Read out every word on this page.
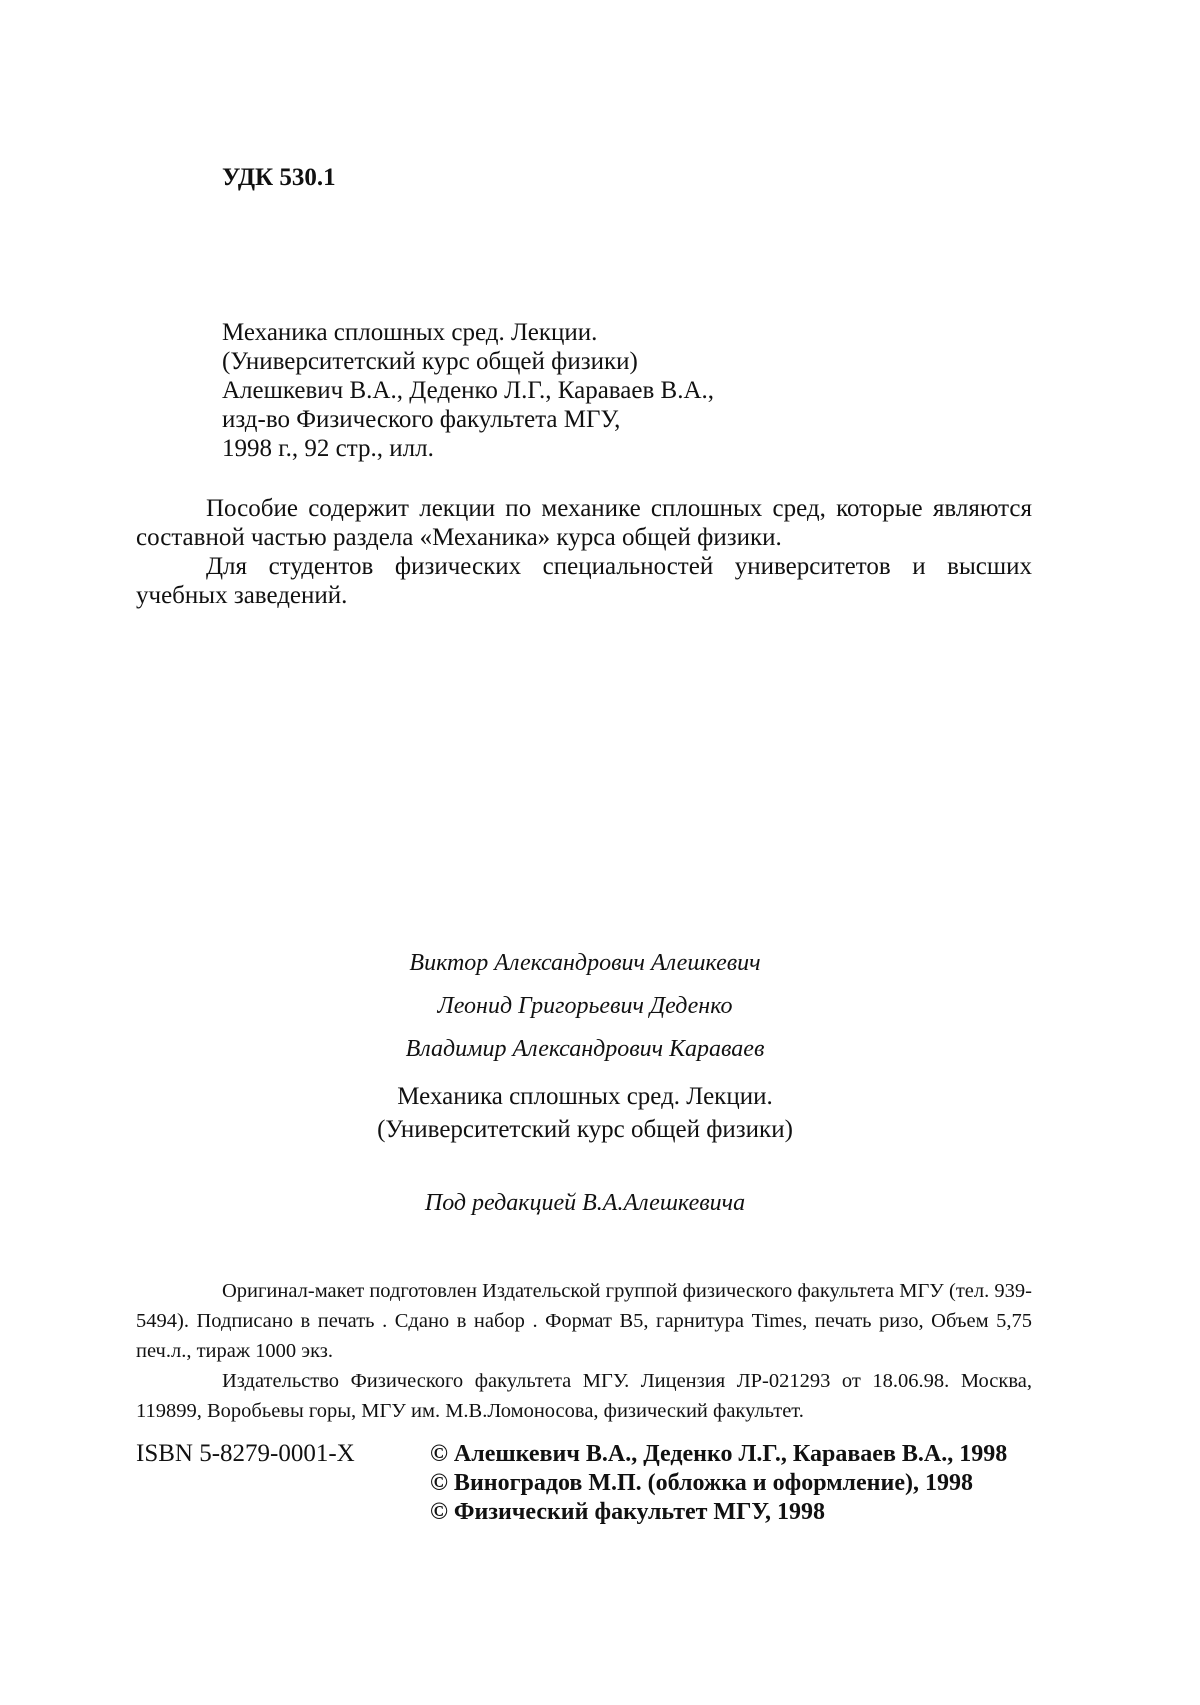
УДК 530.1
Механика сплошных сред. Лекции.
(Университетский курс общей физики)
Алешкевич В.А., Деденко Л.Г., Караваев В.А.,
изд-во Физического факультета МГУ,
1998 г., 92 стр., илл.

Пособие содержит лекции по механике сплошных сред, которые являются составной частью раздела «Механика» курса общей физики.

Для студентов физических специальностей университетов и высших учебных заведений.

Виктор Александрович Алешкевич
Леонид Григорьевич Деденко
Владимир Александрович Караваев
Механика сплошных сред. Лекции.
(Университетский курс общей физики)
Под редакцией В.А.Алешкевича

Оригинал-макет подготовлен Издательской группой физического факультета МГУ (тел. 939-5494). Подписано в печать . Сдано в набор . Формат B5, гарнитура Times, печать ризо, Объем 5,75 печ.л., тираж 1000 экз.

Издательство Физического факультета МГУ. Лицензия ЛР-021293 от 18.06.98. Москва, 119899, Воробьевы горы, МГУ им. М.В.Ломоносова, физический факультет.

ISBN 5-8279-0001-X	© Алешкевич В.А., Деденко Л.Г., Караваев В.А., 1998
© Виноградов М.П. (обложка и оформление), 1998
© Физический факультет МГУ, 1998
